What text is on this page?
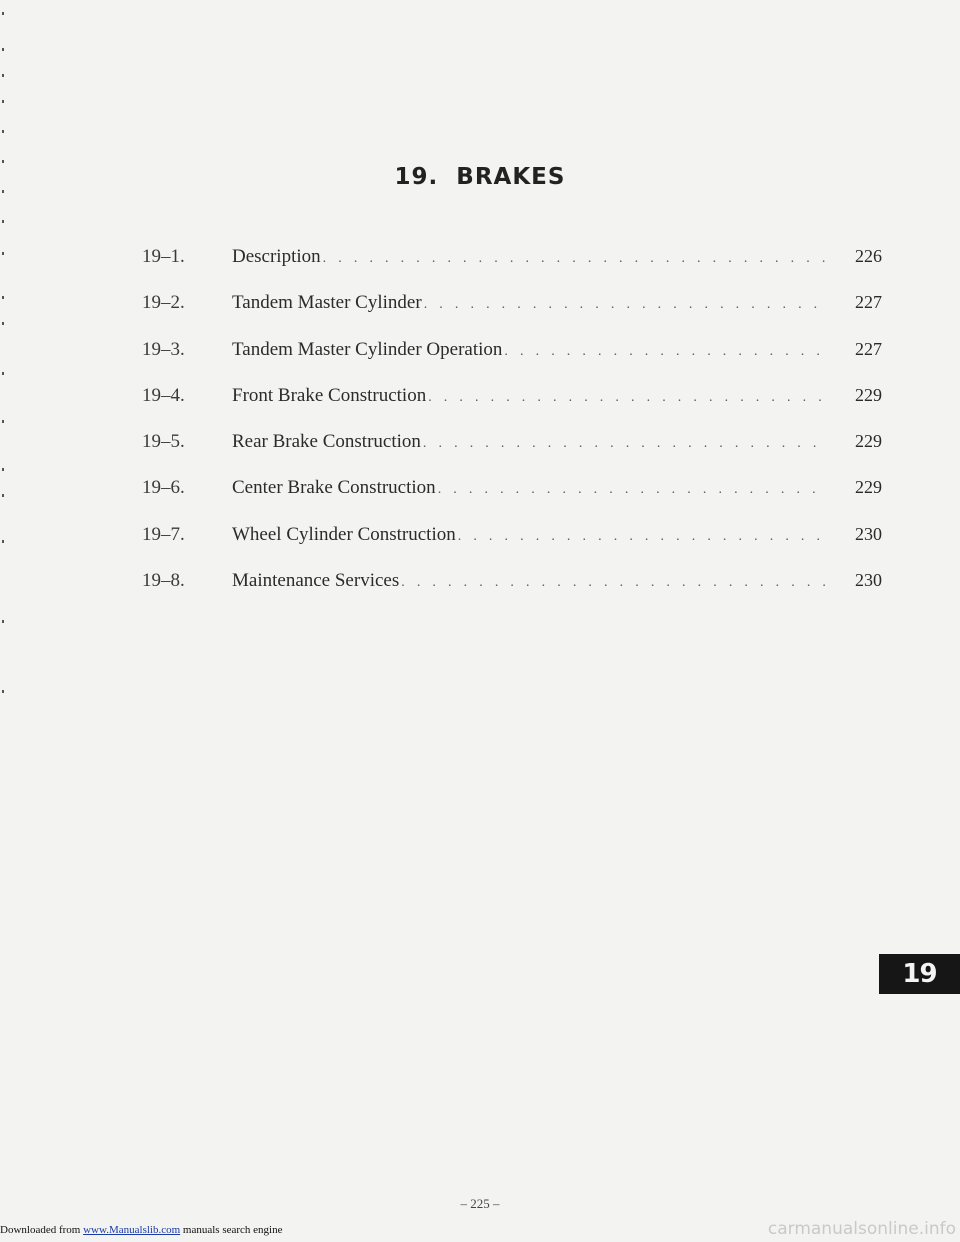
19.  BRAKES
19–1.	Description . . .	226
19–2.	Tandem Master Cylinder . . .	227
19–3.	Tandem Master Cylinder Operation . . .	227
19–4.	Front Brake Construction . . .	229
19–5.	Rear Brake Construction . . .	229
19–6.	Center Brake Construction . . .	229
19–7.	Wheel Cylinder Construction . . .	230
19–8.	Maintenance Services . . .	230
19
– 225 –
Downloaded from www.Manualslib.com manuals search engine	carmanualsonline.info
